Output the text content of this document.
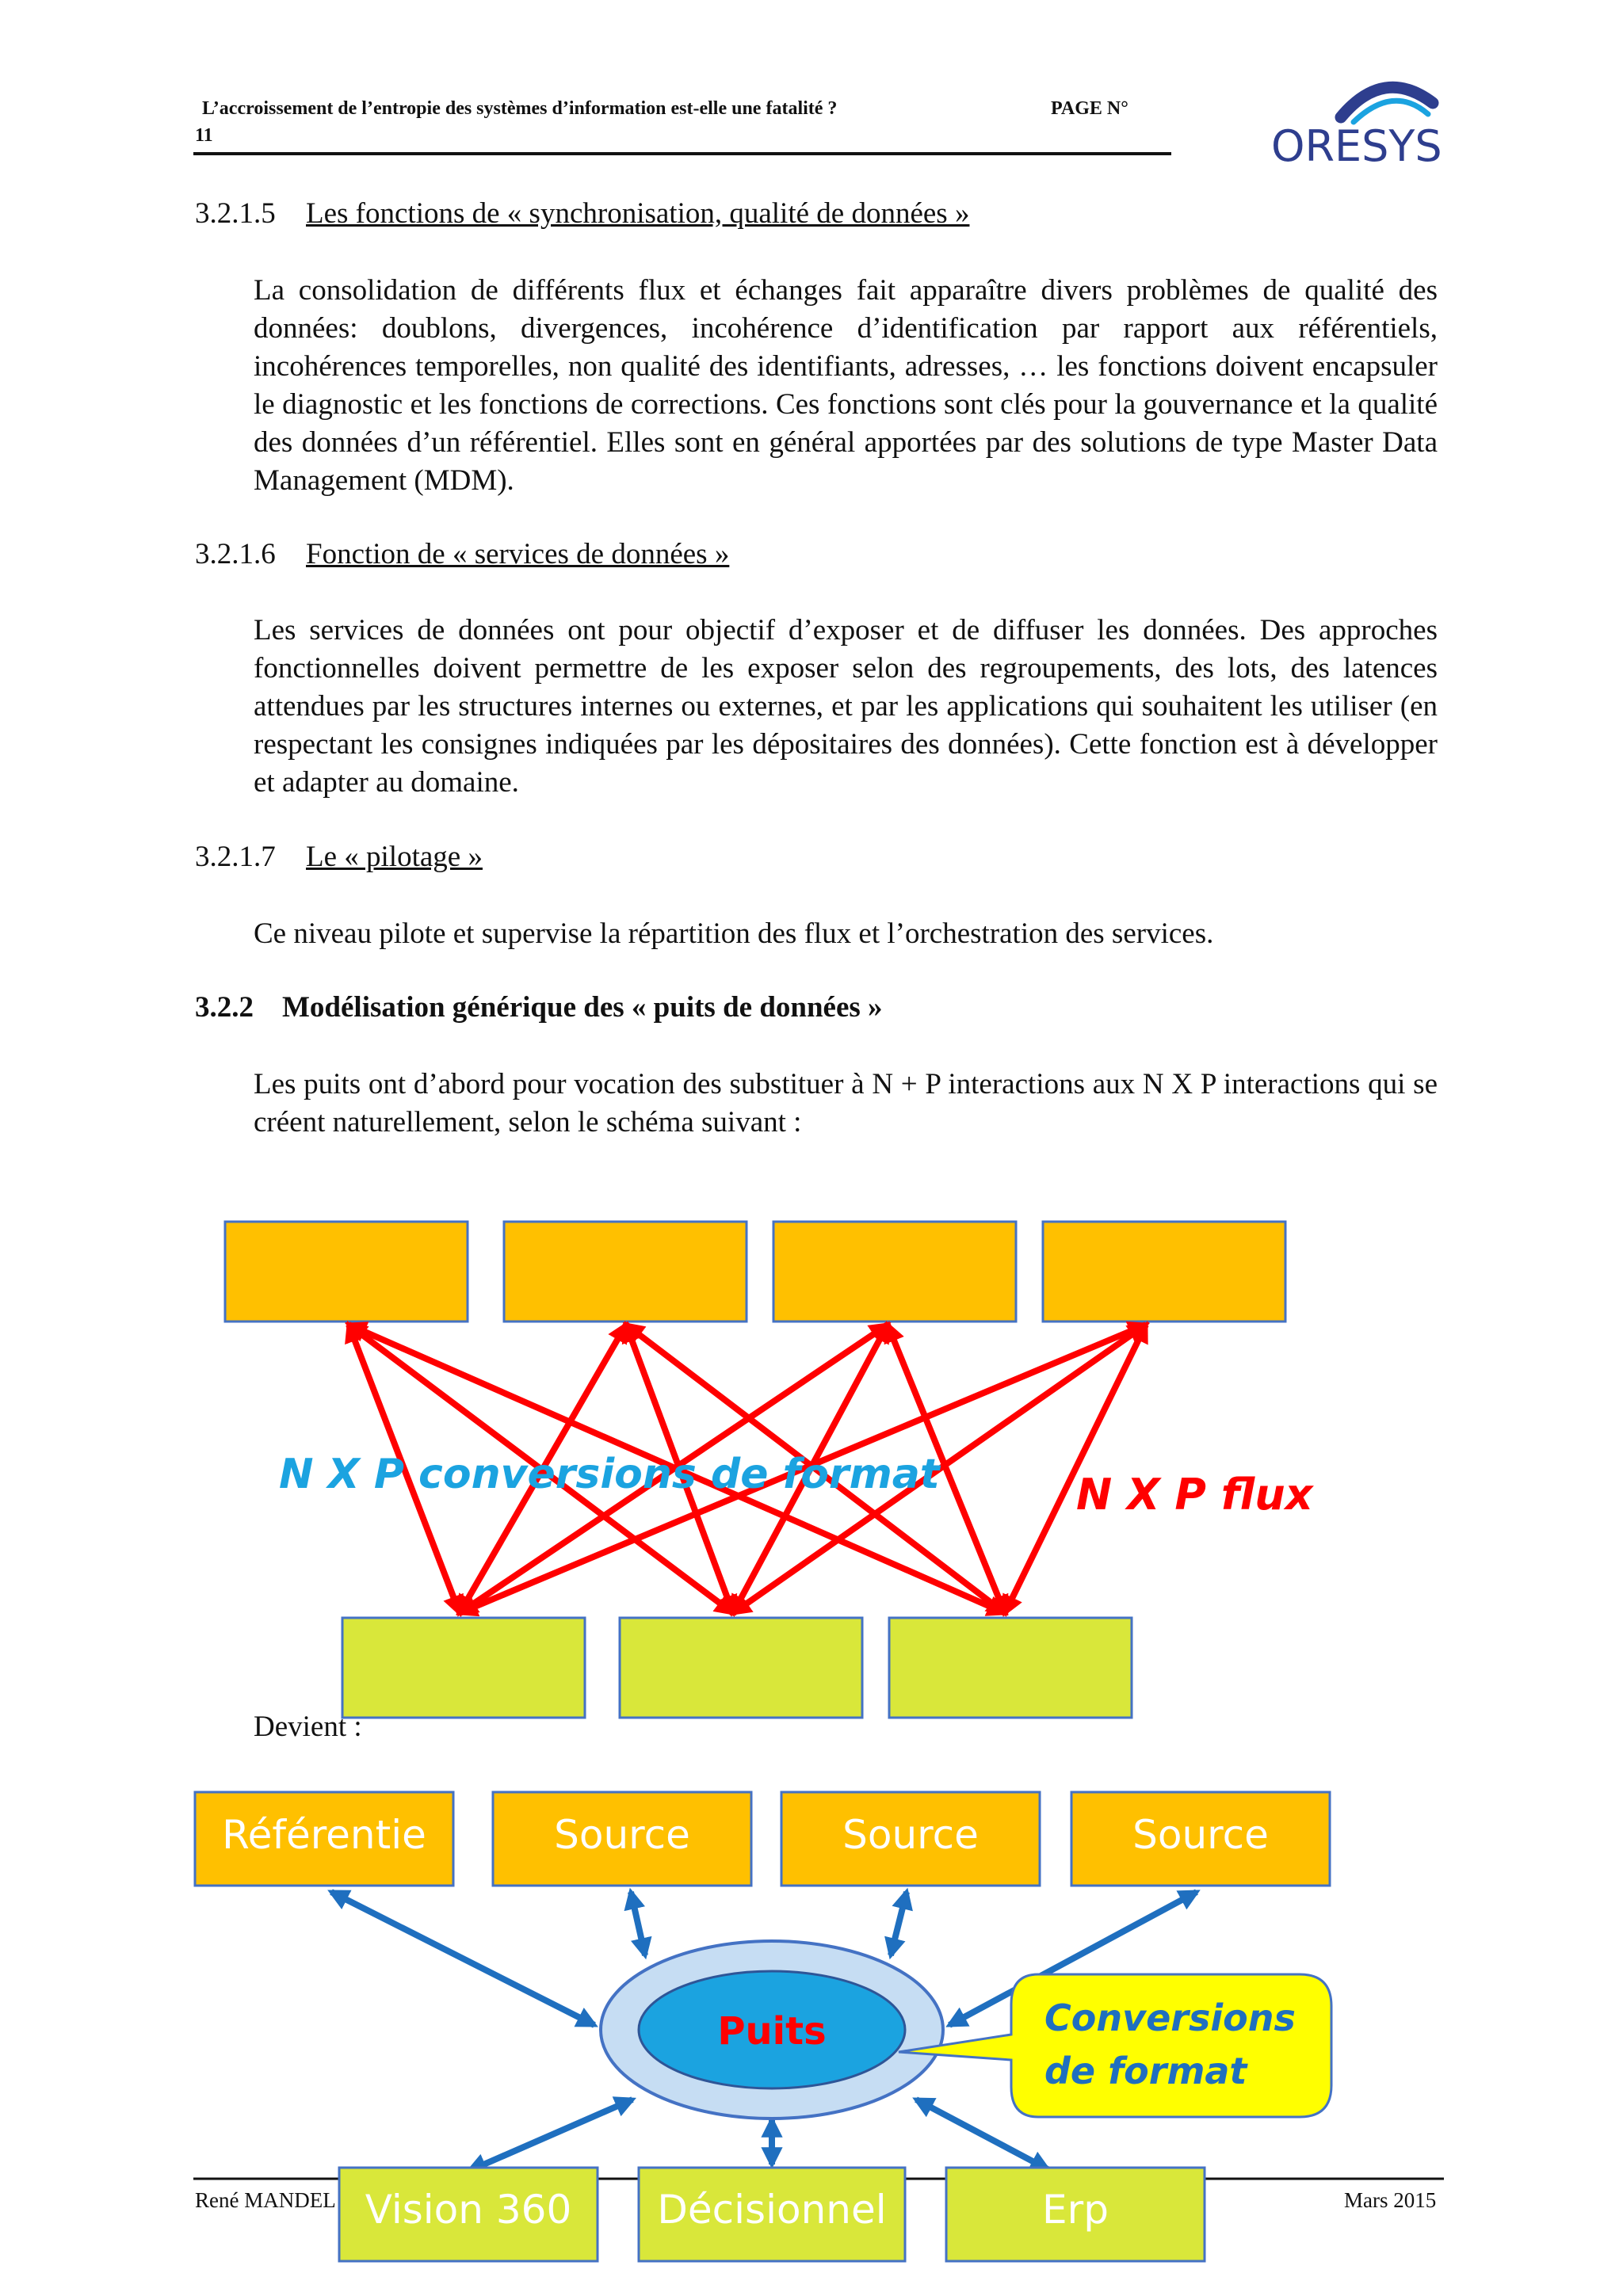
L’accroissement de l’entropie des systèmes d’information est-elle une fatalité ?	PAGE N°
11	ORESYS
3.2.1.5 Les fonctions de « synchronisation, qualité de données »
La consolidation de différents flux et échanges fait apparaître divers problèmes de qualité des données: doublons, divergences, incohérence d’identification par rapport aux référentiels, incohérences temporelles, non qualité des identifiants, adresses, … les fonctions doivent encapsuler le diagnostic et les fonctions de corrections. Ces fonctions sont clés pour la gouvernance et la qualité des données d’un référentiel. Elles sont en général apportées par des solutions de type Master Data Management (MDM).
3.2.1.6 Fonction de « services de données »
Les services de données ont pour objectif d’exposer et de diffuser les données. Des approches fonctionnelles doivent permettre de les exposer selon des regroupements, des lots, des latences attendues par les structures internes ou externes, et par les applications qui souhaitent les utiliser (en respectant les consignes indiquées par les dépositaires des données). Cette fonction est à développer et adapter au domaine.
3.2.1.7 Le « pilotage »
Ce niveau pilote et supervise la répartition des flux et l’orchestration des services.
3.2.2 Modélisation générique des « puits de données »
Les puits ont d’abord pour vocation des substituer à N + P interactions aux N X P interactions qui se créent naturellement, selon le schéma suivant :
N X P conversions de format	N X P flux
Référentie	Source	Source	Source
Puits	Conversions
de format
Vision 360 Décisionnel	Erp
Devient :
René MANDEL	Mars 2015
